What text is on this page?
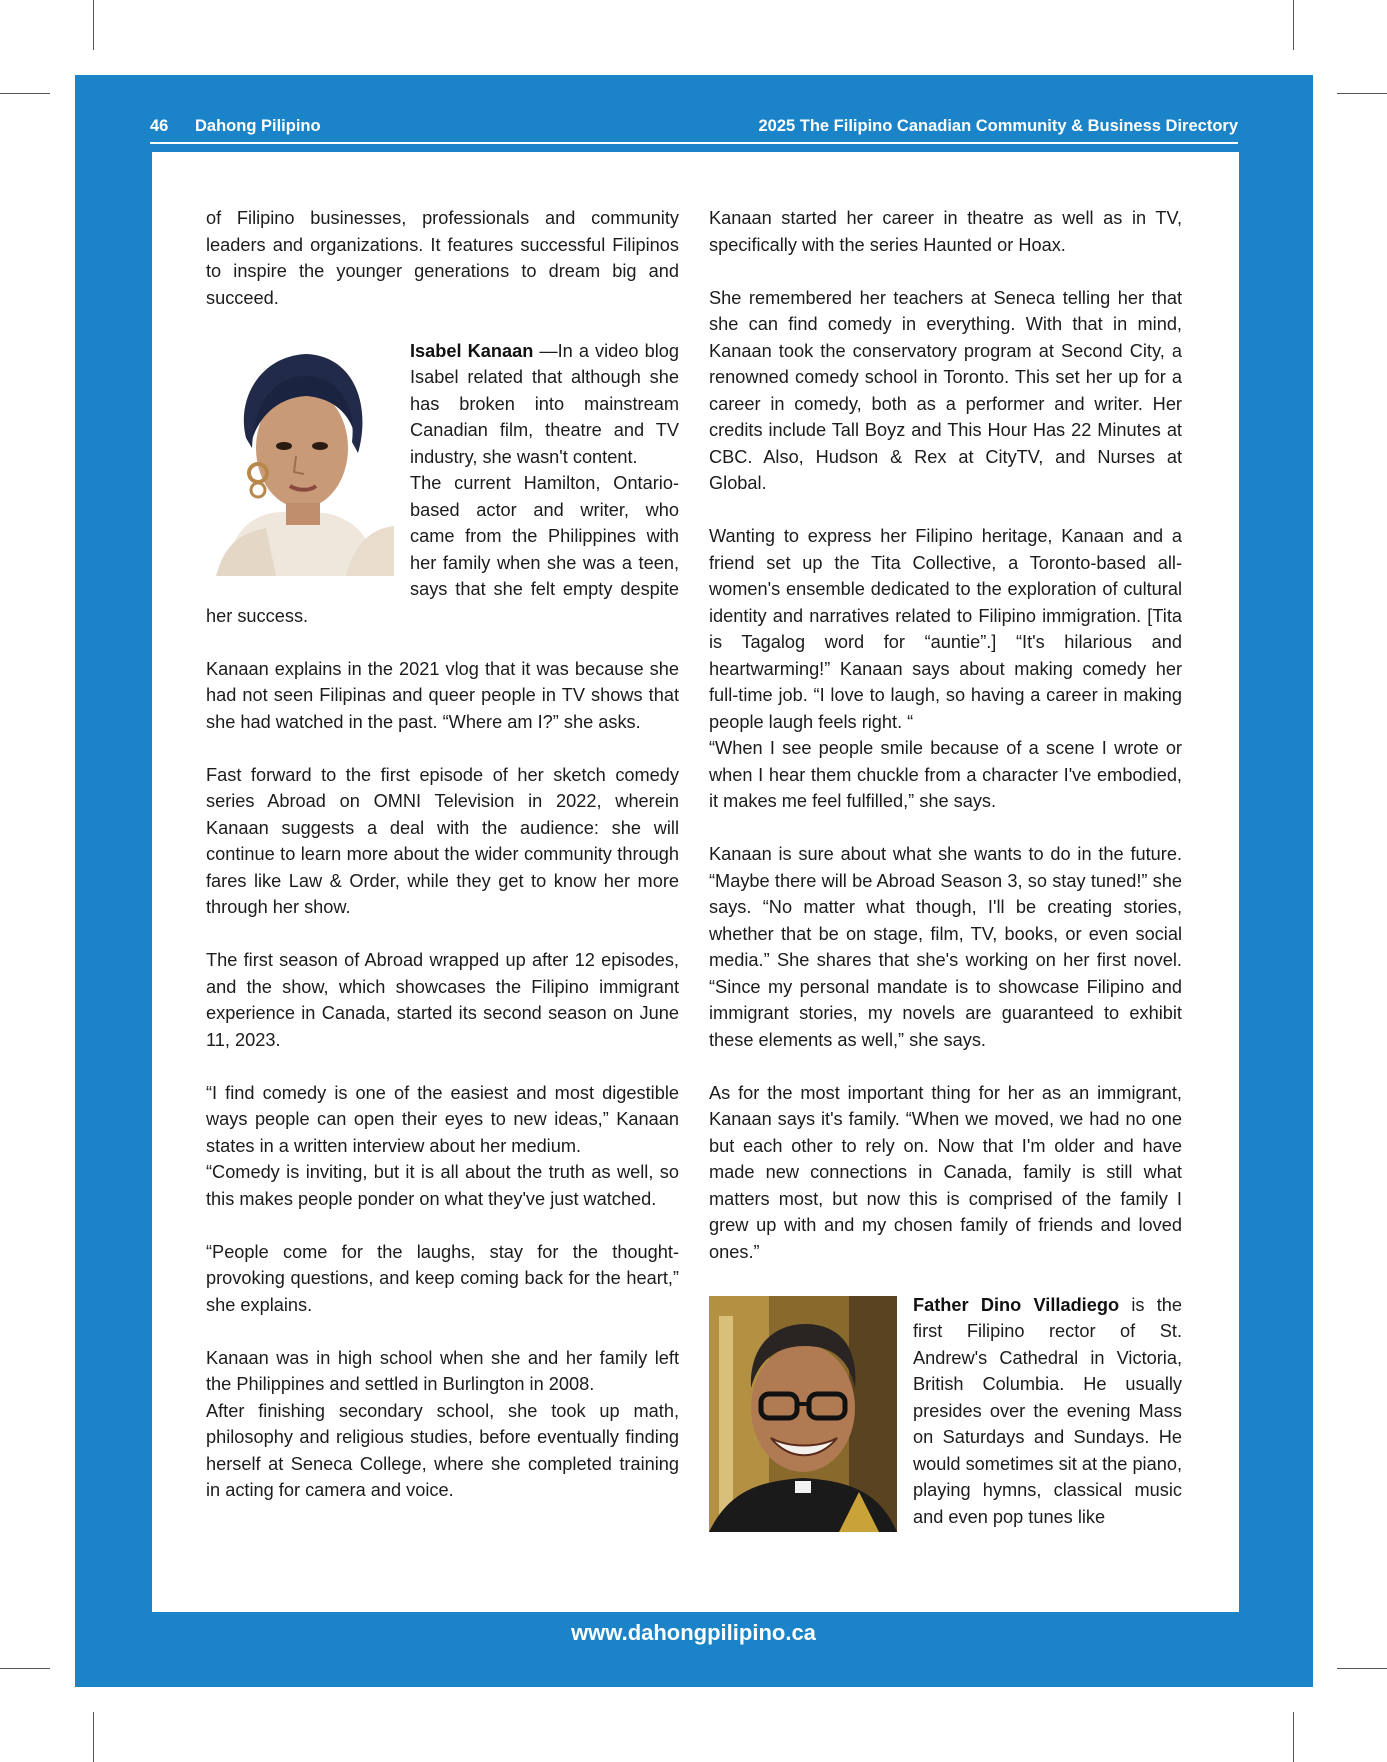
46 Dahong Pilipino	2025 The Filipino Canadian Community & Business Directory

of Filipino businesses, professionals and community leaders and organizations. It features successful Filipinos to inspire the younger generations to dream big and succeed.

Isabel Kanaan —In a video blog Isabel related that although she has broken into mainstream Canadian film, theatre and TV industry, she wasn't content.

The current Hamilton, Ontario-based actor and writer, who came from the Philippines with her family when she was a teen, says that she felt empty despite her success.

Kanaan explains in the 2021 vlog that it was because she had not seen Filipinas and queer people in TV shows that she had watched in the past. “Where am I?” she asks.

Fast forward to the first episode of her sketch comedy series Abroad on OMNI Television in 2022, wherein Kanaan suggests a deal with the audience: she will continue to learn more about the wider community through fares like Law & Order, while they get to know her more through her show.

The first season of Abroad wrapped up after 12 episodes, and the show, which showcases the Filipino immigrant experience in Canada, started its second season on June 11, 2023.

“I find comedy is one of the easiest and most digestible ways people can open their eyes to new ideas,” Kanaan states in a written interview about her medium.

“Comedy is inviting, but it is all about the truth as well, so this makes people ponder on what they've just watched.

“People come for the laughs, stay for the thought-provoking questions, and keep coming back for the heart,” she explains.

Kanaan was in high school when she and her family left the Philippines and settled in Burlington in 2008.

After finishing secondary school, she took up math, philosophy and religious studies, before eventually finding herself at Seneca College, where she completed training in acting for camera and voice.

Kanaan started her career in theatre as well as in TV, specifically with the series Haunted or Hoax.

She remembered her teachers at Seneca telling her that she can find comedy in everything. With that in mind, Kanaan took the conservatory program at Second City, a renowned comedy school in Toronto. This set her up for a career in comedy, both as a performer and writer. Her credits include Tall Boyz and This Hour Has 22 Minutes at CBC. Also, Hudson & Rex at CityTV, and Nurses at Global.

Wanting to express her Filipino heritage, Kanaan and a friend set up the Tita Collective, a Toronto-based all-women's ensemble dedicated to the exploration of cultural identity and narratives related to Filipino immigration. [Tita is Tagalog word for “auntie”.] “It's hilarious and heartwarming!” Kanaan says about making comedy her full-time job. “I love to laugh, so having a career in making people laugh feels right. “

“When I see people smile because of a scene I wrote or when I hear them chuckle from a character I've embodied, it makes me feel fulfilled,” she says.

Kanaan is sure about what she wants to do in the future. “Maybe there will be Abroad Season 3, so stay tuned!” she says. “No matter what though, I'll be creating stories, whether that be on stage, film, TV, books, or even social media.” She shares that she's working on her first novel. “Since my personal mandate is to showcase Filipino and immigrant stories, my novels are guaranteed to exhibit these elements as well,” she says.

As for the most important thing for her as an immigrant, Kanaan says it's family. “When we moved, we had no one but each other to rely on. Now that I'm older and have made new connections in Canada, family is still what matters most, but now this is comprised of the family I grew up with and my chosen family of friends and loved ones.”

Father Dino Villadiego is the first Filipino rector of St. Andrew's Cathedral in Victoria, British Columbia. He usually presides over the evening Mass on Saturdays and Sundays. He would sometimes sit at the piano, playing hymns, classical music and even pop tunes like

www.dahongpilipino.ca
